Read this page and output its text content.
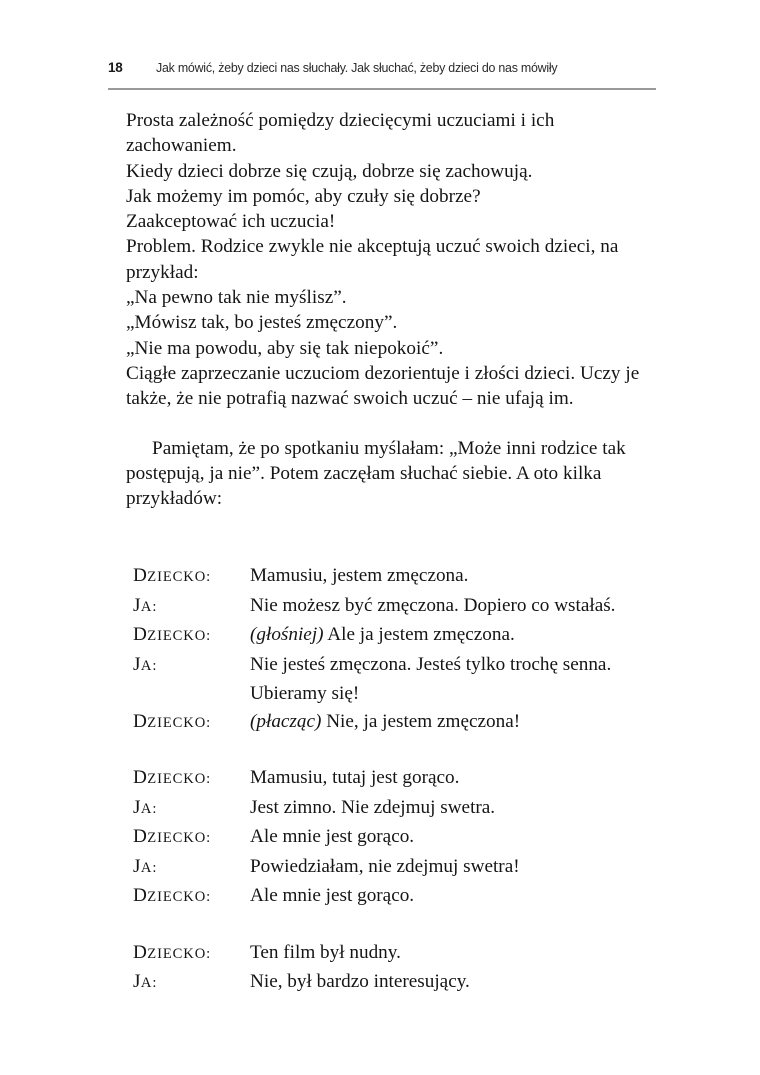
18	Jak mówić, żeby dzieci nas słuchały. Jak słuchać, żeby dzieci do nas mówiły

Prosta zależność pomiędzy dziecięcymi uczuciami i ich zachowaniem.

Kiedy dzieci dobrze się czują, dobrze się zachowują.

Jak możemy im pomóc, aby czuły się dobrze?

Zaakceptować ich uczucia!

Problem. Rodzice zwykle nie akceptują uczuć swoich dzieci, na przykład:

„Na pewno tak nie myślisz”.

„Mówisz tak, bo jesteś zmęczony”.

„Nie ma powodu, aby się tak niepokoić”.

Ciągłe zaprzeczanie uczuciom dezorientuje i złości dzieci. Uczy je także, że nie potrafią nazwać swoich uczuć – nie ufają im.

Pamiętam, że po spotkaniu myślałam: „Może inni rodzice tak postępują, ja nie”. Potem zaczęłam słuchać siebie. A oto kilka przykładów:

DZIECKO:	Mamusiu, jestem zmęczona.
JA:	Nie możesz być zmęczona. Dopiero co wstałaś.
DZIECKO:	(głośniej) Ale ja jestem zmęczona.
JA:	Nie jesteś zmęczona. Jesteś tylko trochę senna.
Ubieramy się!
DZIECKO:	(płacząc) Nie, ja jestem zmęczona!
DZIECKO:	Mamusiu, tutaj jest gorąco.
JA:	Jest zimno. Nie zdejmuj swetra.
DZIECKO:	Ale mnie jest gorąco.
JA:	Powiedziałam, nie zdejmuj swetra!
DZIECKO:	Ale mnie jest gorąco.
DZIECKO:	Ten film był nudny.
JA:	Nie, był bardzo interesujący.
